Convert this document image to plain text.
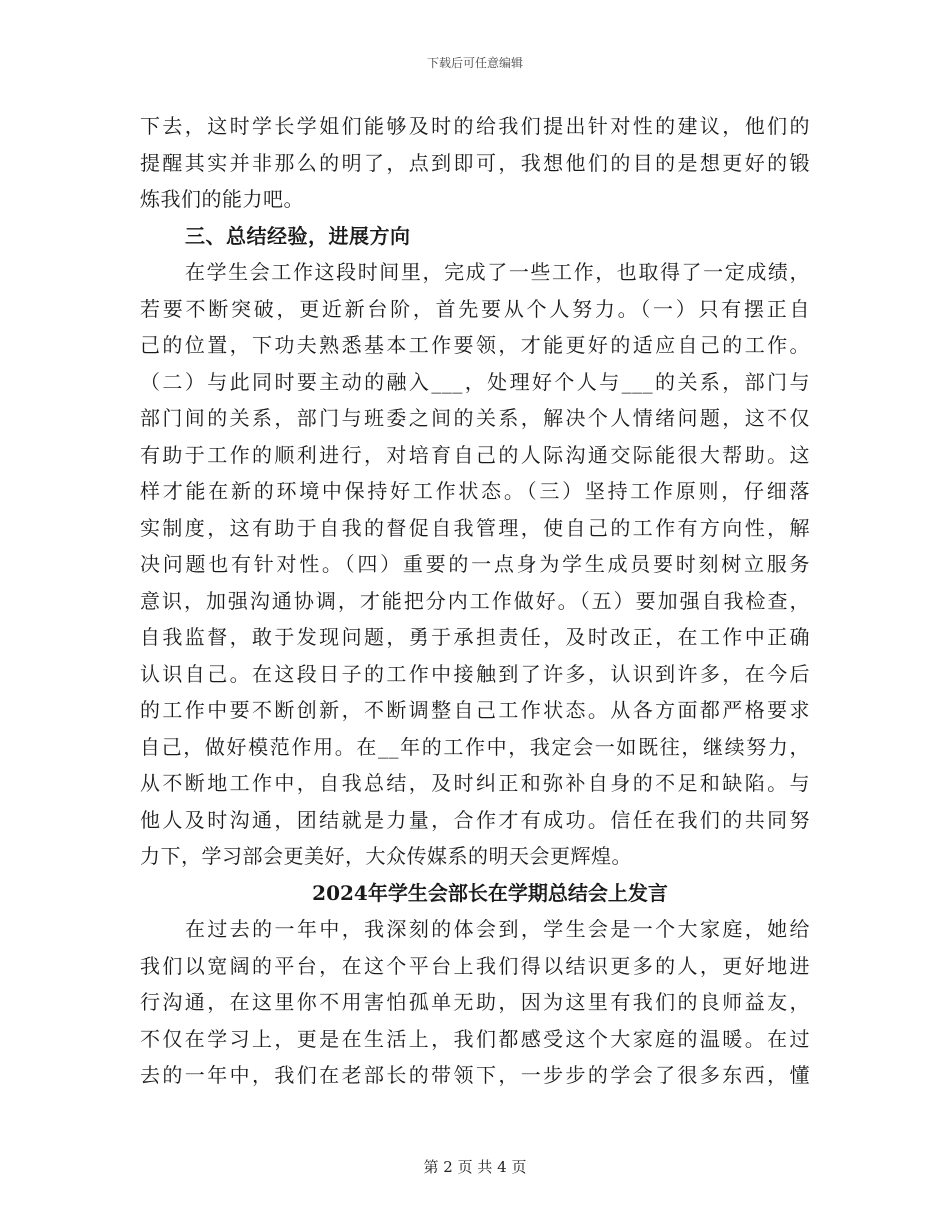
下载后可任意编辑
下去，这时学长学姐们能够及时的给我们提出针对性的建议，他们的
提醒其实并非那么的明了，点到即可，我想他们的目的是想更好的锻
炼我们的能力吧。
三、总结经验，进展方向
在学生会工作这段时间里，完成了一些工作，也取得了一定成绩，
若要不断突破，更近新台阶，首先要从个人努力。（一）只有摆正自
己的位置，下功夫熟悉基本工作要领，才能更好的适应自己的工作。
（二）与此同时要主动的融入___，处理好个人与___的关系，部门与
部门间的关系，部门与班委之间的关系，解决个人情绪问题，这不仅
有助于工作的顺利进行，对培育自己的人际沟通交际能很大帮助。这
样才能在新的环境中保持好工作状态。（三）坚持工作原则，仔细落
实制度，这有助于自我的督促自我管理，使自己的工作有方向性，解
决问题也有针对性。（四）重要的一点身为学生成员要时刻树立服务
意识，加强沟通协调，才能把分内工作做好。（五）要加强自我检查，
自我监督，敢于发现问题，勇于承担责任，及时改正，在工作中正确
认识自己。在这段日子的工作中接触到了许多，认识到许多，在今后
的工作中要不断创新，不断调整自己工作状态。从各方面都严格要求
自己，做好模范作用。在__年的工作中，我定会一如既往，继续努力，
从不断地工作中，自我总结，及时纠正和弥补自身的不足和缺陷。与
他人及时沟通，团结就是力量，合作才有成功。信任在我们的共同努
力下，学习部会更美好，大众传媒系的明天会更辉煌。
2024年学生会部长在学期总结会上发言
在过去的一年中，我深刻的体会到，学生会是一个大家庭，她给
我们以宽阔的平台，在这个平台上我们得以结识更多的人，更好地进
行沟通，在这里你不用害怕孤单无助，因为这里有我们的良师益友，
不仅在学习上，更是在生活上，我们都感受这个大家庭的温暖。在过
去的一年中，我们在老部长的带领下，一步步的学会了很多东西，懂
第 2 页 共 4 页
